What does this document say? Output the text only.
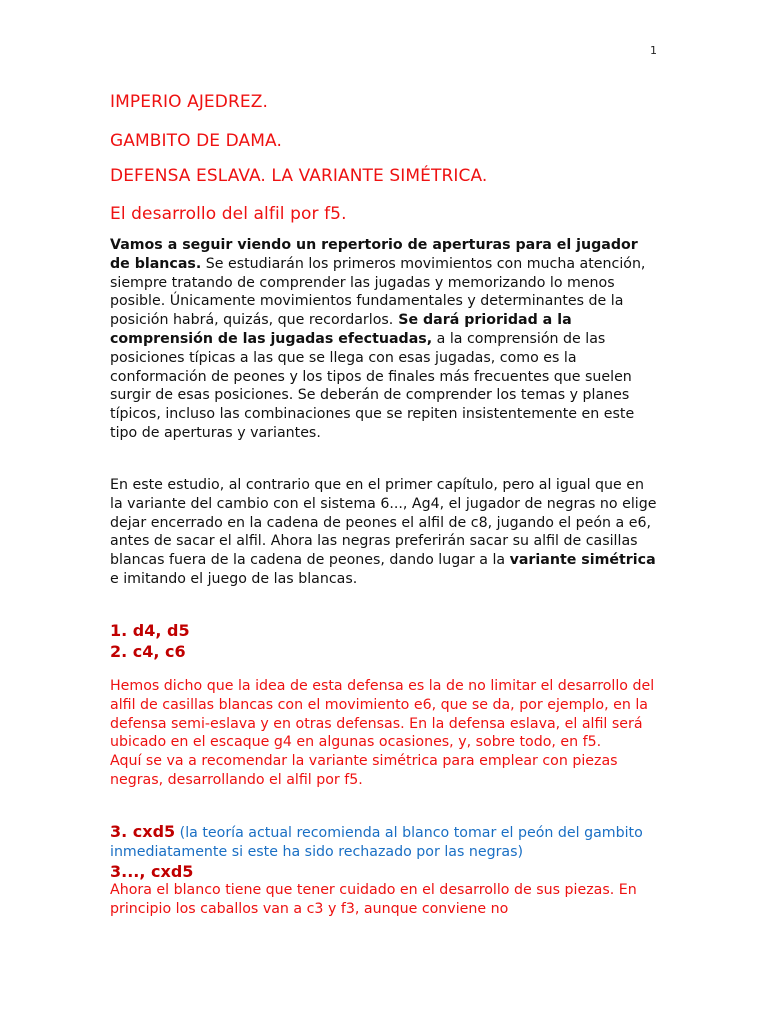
1
IMPERIO AJEDREZ.
GAMBITO DE DAMA.
DEFENSA ESLAVA. LA VARIANTE SIMÉTRICA.
El desarrollo del alfil por f5.
Vamos a seguir viendo un repertorio de aperturas para el jugador de blancas. Se estudiarán los primeros movimientos con mucha atención, siempre tratando de comprender las jugadas y memorizando lo menos posible. Únicamente movimientos fundamentales y determinantes de la posición habrá, quizás, que recordarlos. Se dará prioridad a la comprensión de las jugadas efectuadas, a la comprensión de las posiciones típicas a las que se llega con esas jugadas, como es la conformación de peones y los tipos de finales más frecuentes que suelen surgir de esas posiciones. Se deberán de comprender los temas y planes típicos, incluso las combinaciones que se repiten insistentemente en este tipo de aperturas y variantes.
En este estudio, al contrario que en el primer capítulo, pero al igual que en la variante del cambio con el sistema 6..., Ag4, el jugador de negras no elige dejar encerrado en la cadena de peones el alfil de c8, jugando el peón a e6, antes de sacar el alfil. Ahora las negras preferirán sacar su alfil de casillas blancas fuera de la cadena de peones, dando lugar a la variante simétrica e imitando el juego de las blancas.
1. d4, d5
2. c4, c6
Hemos dicho que la idea de esta defensa es la de no limitar el desarrollo del alfil de casillas blancas con el movimiento e6, que se da, por ejemplo, en la defensa semi-eslava y en otras defensas. En la defensa eslava, el alfil será ubicado en el escaque g4 en algunas ocasiones, y, sobre todo, en f5.
Aquí se va a recomendar la variante simétrica para emplear con piezas negras, desarrollando el alfil por f5.
3. cxd5 (la teoría actual recomienda al blanco tomar el peón del gambito inmediatamente si este ha sido rechazado por las negras)
3..., cxd5
Ahora el blanco tiene que tener cuidado en el desarrollo de sus piezas. En principio los caballos van a c3 y f3, aunque conviene no
